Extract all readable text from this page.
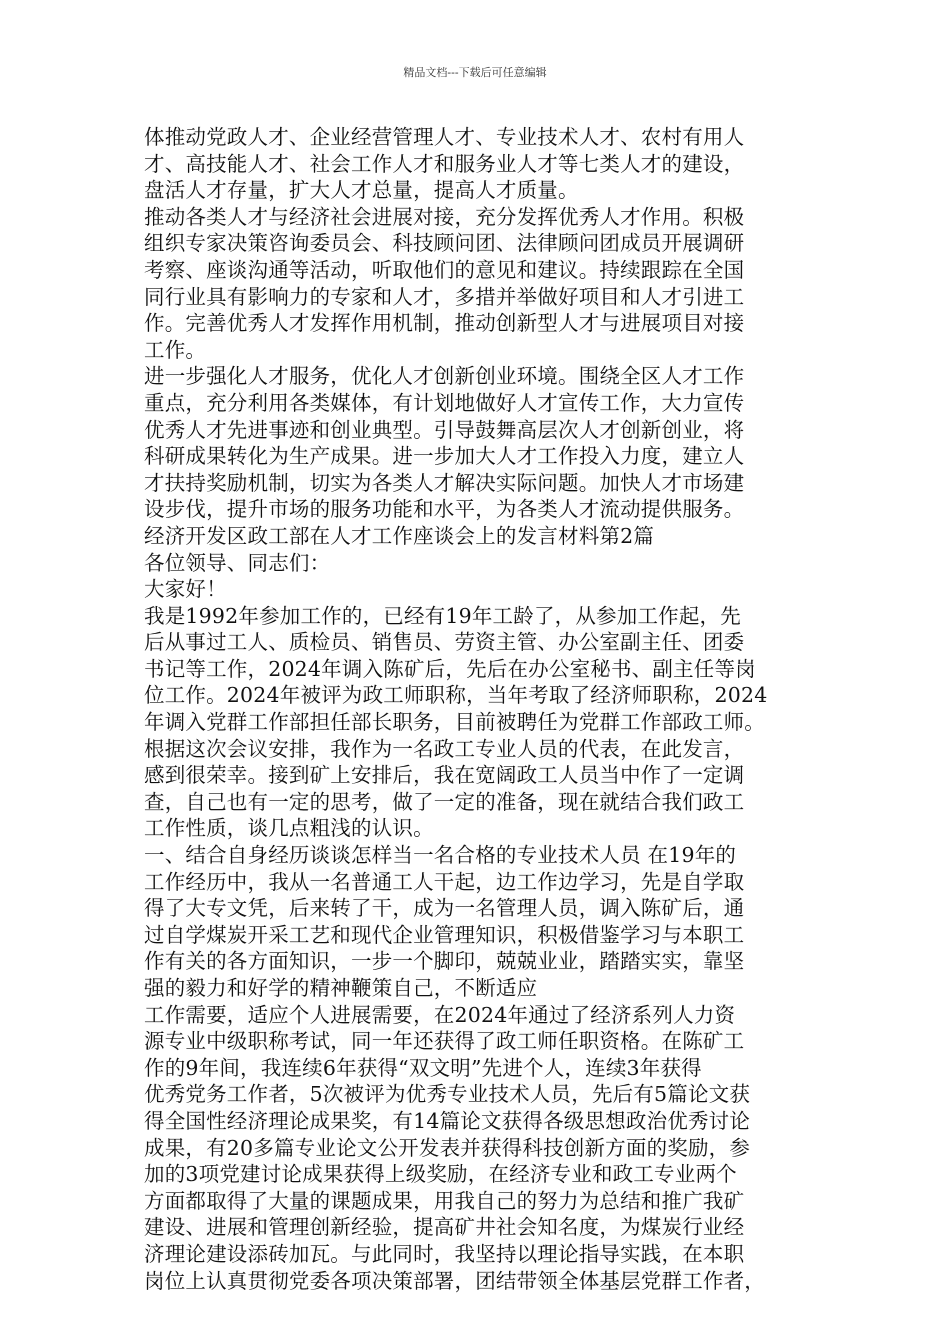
精品文档---下载后可任意编辑
体推动党政人才、企业经营管理人才、专业技术人才、农村有用人
才、高技能人才、社会工作人才和服务业人才等七类人才的建设，
盘活人才存量，扩大人才总量，提高人才质量。
推动各类人才与经济社会进展对接，充分发挥优秀人才作用。积极
组织专家决策咨询委员会、科技顾问团、法律顾问团成员开展调研
考察、座谈沟通等活动，听取他们的意见和建议。持续跟踪在全国
同行业具有影响力的专家和人才，多措并举做好项目和人才引进工
作。完善优秀人才发挥作用机制，推动创新型人才与进展项目对接
工作。
进一步强化人才服务，优化人才创新创业环境。围绕全区人才工作
重点，充分利用各类媒体，有计划地做好人才宣传工作，大力宣传
优秀人才先进事迹和创业典型。引导鼓舞高层次人才创新创业，将
科研成果转化为生产成果。进一步加大人才工作投入力度，建立人
才扶持奖励机制，切实为各类人才解决实际问题。加快人才市场建
设步伐，提升市场的服务功能和水平，为各类人才流动提供服务。
经济开发区政工部在人才工作座谈会上的发言材料第2篇
各位领导、同志们：
大家好！
我是1992年参加工作的，已经有19年工龄了，从参加工作起，先
后从事过工人、质检员、销售员、劳资主管、办公室副主任、团委
书记等工作，2024年调入陈矿后，先后在办公室秘书、副主任等岗
位工作。2024年被评为政工师职称，当年考取了经济师职称，2024
年调入党群工作部担任部长职务，目前被聘任为党群工作部政工师。
根据这次会议安排，我作为一名政工专业人员的代表，在此发言，
感到很荣幸。接到矿上安排后，我在宽阔政工人员当中作了一定调
查，自己也有一定的思考，做了一定的准备，现在就结合我们政工
工作性质，谈几点粗浅的认识。
一、结合自身经历谈谈怎样当一名合格的专业技术人员 在19年的
工作经历中，我从一名普通工人干起，边工作边学习，先是自学取
得了大专文凭，后来转了干，成为一名管理人员，调入陈矿后，通
过自学煤炭开采工艺和现代企业管理知识，积极借鉴学习与本职工
作有关的各方面知识，一步一个脚印，兢兢业业，踏踏实实，靠坚
强的毅力和好学的精神鞭策自己，不断适应
工作需要，适应个人进展需要，在2024年通过了经济系列人力资
源专业中级职称考试，同一年还获得了政工师任职资格。在陈矿工
作的9年间，我连续6年获得“双文明”先进个人，连续3年获得
优秀党务工作者，5次被评为优秀专业技术人员，先后有5篇论文获
得全国性经济理论成果奖，有14篇论文获得各级思想政治优秀讨论
成果，有20多篇专业论文公开发表并获得科技创新方面的奖励，参
加的3项党建讨论成果获得上级奖励，在经济专业和政工专业两个
方面都取得了大量的课题成果，用我自己的努力为总结和推广我矿
建设、进展和管理创新经验，提高矿井社会知名度，为煤炭行业经
济理论建设添砖加瓦。与此同时，我坚持以理论指导实践，在本职
岗位上认真贯彻党委各项决策部署，团结带领全体基层党群工作者，
